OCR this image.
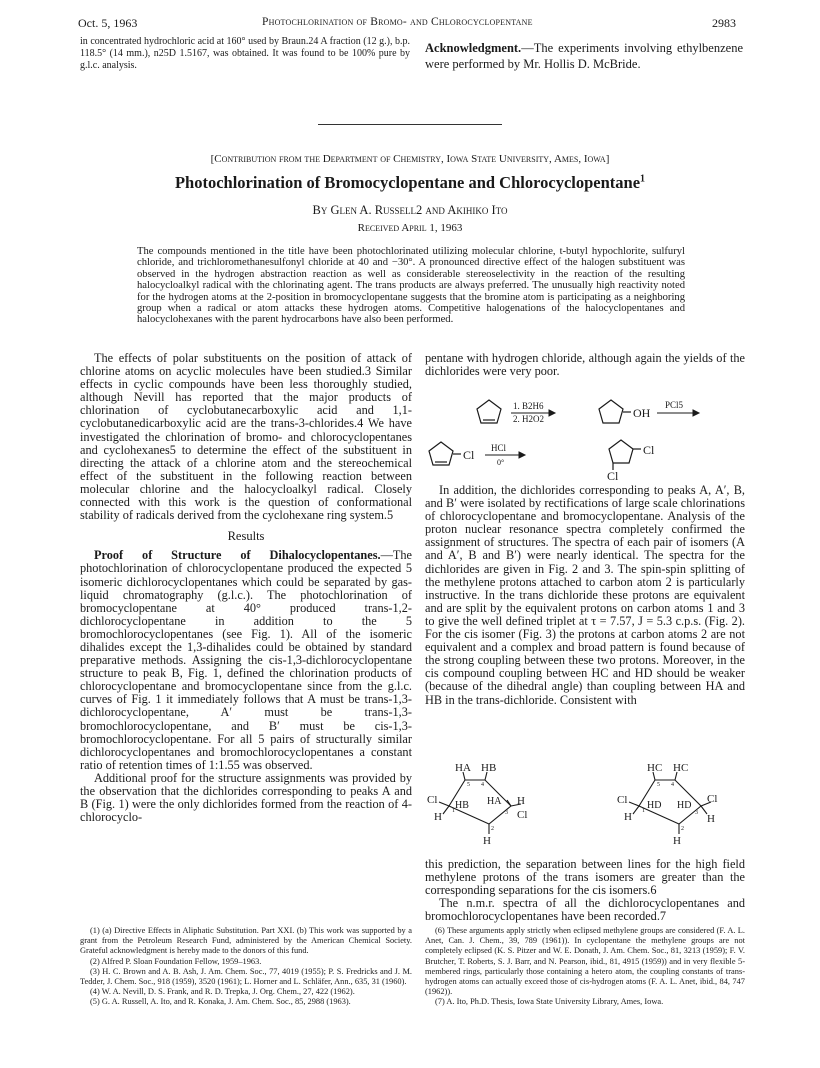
Oct. 5, 1963	Photochlorination of Bromo- and Chlorocyclopentane	2983
in concentrated hydrochloric acid at 160° used by Braun.24 A fraction (12 g.), b.p. 118.5° (14 mm.), n25D 1.5167, was obtained. It was found to be 100% pure by g.l.c. analysis.
Acknowledgment.—The experiments involving ethylbenzene were performed by Mr. Hollis D. McBride.
[Contribution from the Department of Chemistry, Iowa State University, Ames, Iowa]
Photochlorination of Bromocyclopentane and Chlorocyclopentane$^1$
By Glen A. Russell2 and Akihiko Ito
Received April 1, 1963
The compounds mentioned in the title have been photochlorinated utilizing molecular chlorine, t-butyl hypochlorite, sulfuryl chloride, and trichloromethanesulfonyl chloride at 40 and −30°. A pronounced directive effect of the halogen substituent was observed in the hydrogen abstraction reaction as well as considerable stereoselectivity in the reaction of the resulting halocycloalkyl radical with the chlorinating agent. The trans products are always preferred. The unusually high reactivity noted for the hydrogen atoms at the 2-position in bromocyclopentane suggests that the bromine atom is participating as a neighboring group when a radical or atom attacks these hydrogen atoms. Competitive halogenations of the halocyclopentanes and halocyclohexanes with the parent hydrocarbons have also been performed.

The effects of polar substituents on the position of attack of chlorine atoms on acyclic molecules have been studied.3 Similar effects in cyclic compounds have been less thoroughly studied, although Nevill has reported that the major products of chlorination of cyclobutanecarboxylic acid and 1,1-cyclobutanedicarboxylic acid are the trans-3-chlorides.4 We have investigated the chlorination of bromo- and chlorocyclopentanes and cyclohexanes5 to determine the effect of the substituent in directing the attack of a chlorine atom and the stereochemical effect of the substituent in the following reaction between molecular chlorine and the halocycloalkyl radical. Closely connected with this work is the question of conformational stability of radicals derived from the cyclohexane ring system.5

Results

Proof of Structure of Dihalocyclopentanes.—The photochlorination of chlorocyclopentane produced the expected 5 isomeric dichlorocyclopentanes which could be separated by gas-liquid chromatography (g.l.c.). The photochlorination of bromocyclopentane at 40° produced trans-1,2-dichlorocyclopentane in addition to the 5 bromochlorocyclopentanes (see Fig. 1). All of the isomeric dihalides except the 1,3-dihalides could be obtained by standard preparative methods. Assigning the cis-1,3-dichlorocyclopentane structure to peak B, Fig. 1, defined the chlorination products of chlorocyclopentane and bromocyclopentane since from the g.l.c. curves of Fig. 1 it immediately follows that A must be trans-1,3-dichlorocyclopentane, A′ must be trans-1,3-bromochlorocyclopentane, and B′ must be cis-1,3-bromochlorocyclopentane. For all 5 pairs of structurally similar dichlorocyclopentanes and bromochlorocyclopentanes a constant ratio of retention times of 1:1.55 was observed.

Additional proof for the structure assignments was provided by the observation that the dichlorides corresponding to peaks A and B (Fig. 1) were the only dichlorides formed from the reaction of 4-chlorocyclo-

(1) (a) Directive Effects in Aliphatic Substitution. Part XXI. (b) This work was supported by a grant from the Petroleum Research Fund, administered by the American Chemical Society. Grateful acknowledgment is hereby made to the donors of this fund.
(2) Alfred P. Sloan Foundation Fellow, 1959–1963.
(3) H. C. Brown and A. B. Ash, J. Am. Chem. Soc., 77, 4019 (1955); P. S. Fredricks and J. M. Tedder, J. Chem. Soc., 918 (1959), 3520 (1961); L. Horner and L. Schläfer, Ann., 635, 31 (1960).
(4) W. A. Nevill, D. S. Frank, and R. D. Trepka, J. Org. Chem., 27, 422 (1962).
(5) G. A. Russell, A. Ito, and R. Konaka, J. Am. Chem. Soc., 85, 2988 (1963).

pentane with hydrogen chloride, although again the yields of the dichlorides were very poor.

1. B2H6
2. H2O2	OH
PCl5
Cl HCl
0°
Cl
Cl

In addition, the dichlorides corresponding to peaks A, A′, B, and B′ were isolated by rectifications of large scale chlorinations of chlorocyclopentane and bromocyclopentane. Analysis of the proton nuclear resonance spectra completely confirmed the assignment of structures. The spectra of each pair of isomers (A and A′, B and B′) were nearly identical. The spectra for the dichlorides are given in Fig. 2 and 3. The spin-spin splitting of the methylene protons attached to carbon atom 2 is particularly instructive. In the trans dichloride these protons are equivalent and are split by the equivalent protons on carbon atoms 1 and 3 to give the well defined triplet at τ = 7.57, J = 5.3 c.p.s. (Fig. 2). For the cis isomer (Fig. 3) the protons at carbon atoms 2 are not equivalent and a complex and broad pattern is found because of the strong coupling between these two protons. Moreover, in the cis compound coupling between HC and HD should be weaker (because of the dihedral angle) than coupling between HA and HB in the trans-dichloride. Consistent with

HA HB
5 4
Cl HB HA H
H 1	3 Cl
2
H
HC HC
5 4
Cl HD HD
Cl
H 1	3 H
2
H

this prediction, the separation between lines for the high field methylene protons of the trans isomers are greater than the corresponding separations for the cis isomers.6

The n.m.r. spectra of all the dichlorocyclopentanes and bromochlorocyclopentanes have been recorded.7

(6) These arguments apply strictly when eclipsed methylene groups are considered (F. A. L. Anet, Can. J. Chem., 39, 789 (1961)). In cyclopentane the methylene groups are not completely eclipsed (K. S. Pitzer and W. E. Donath, J. Am. Chem. Soc., 81, 3213 (1959); F. V. Brutcher, T. Roberts, S. J. Barr, and N. Pearson, ibid., 81, 4915 (1959)) and in very flexible 5-membered rings, particularly those containing a hetero atom, the coupling constants of trans-hydrogen atoms can actually exceed those of cis-hydrogen atoms (F. A. L. Anet, ibid., 84, 747 (1962)).
(7) A. Ito, Ph.D. Thesis, Iowa State University Library, Ames, Iowa.
